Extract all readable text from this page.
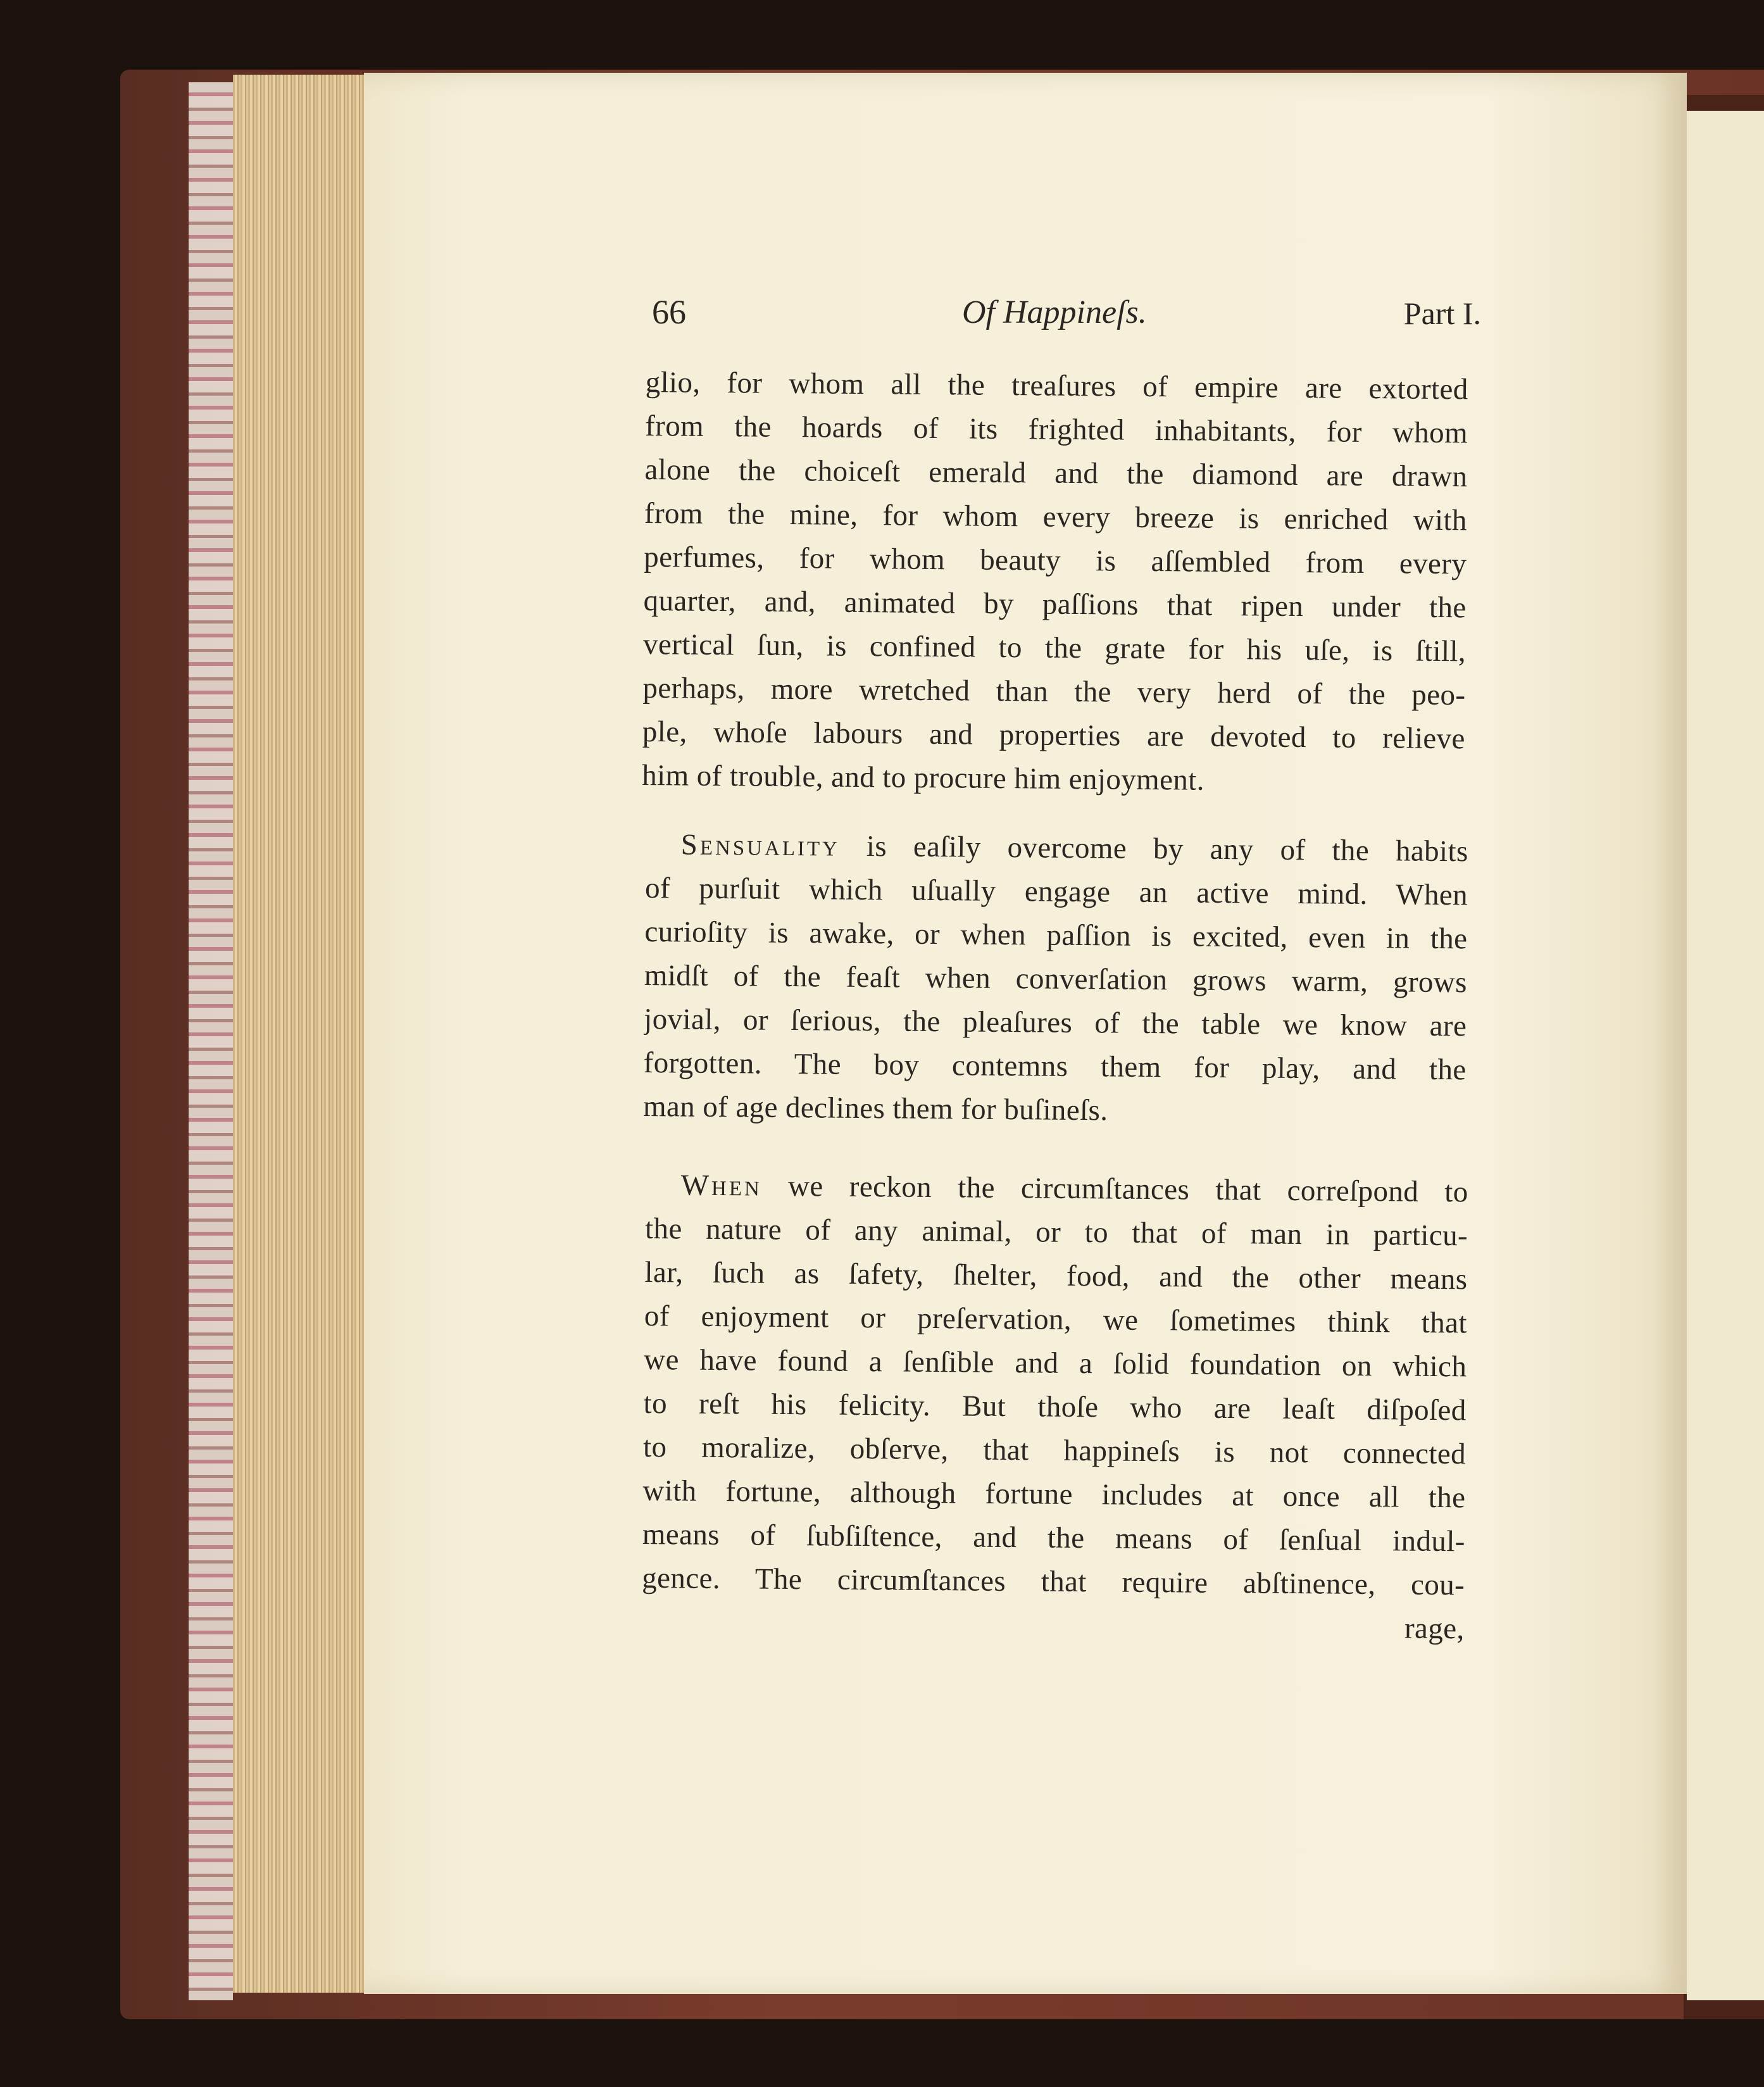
66	Of Happineſs.	Part I.
glio, for whom all the treaſures of empire are extorted
from the hoards of its frighted inhabitants, for whom
alone the choiceſt emerald and the diamond are drawn
from the mine, for whom every breeze is enriched with
perfumes, for whom beauty is aſſembled from every
quarter, and, animated by paſſions that ripen under the
vertical ſun, is confined to the grate for his uſe, is ſtill,
perhaps, more wretched than the very herd of the peo-
ple, whoſe labours and properties are devoted to relieve
him of trouble, and to procure him enjoyment.
Sensuality is eaſily overcome by any of the habits
of purſuit which uſually engage an active mind. When
curioſity is awake, or when paſſion is excited, even in the
midſt of the feaſt when converſation grows warm, grows
jovial, or ſerious, the pleaſures of the table we know are
forgotten. The boy contemns them for play, and the
man of age declines them for buſineſs.
When we reckon the circumſtances that correſpond to
the nature of any animal, or to that of man in particu-
lar, ſuch as ſafety, ſhelter, food, and the other means
of enjoyment or preſervation, we ſometimes think that
we have found a ſenſible and a ſolid foundation on which
to reſt his felicity. But thoſe who are leaſt diſpoſed
to moralize, obſerve, that happineſs is not connected
with fortune, although fortune includes at once all the
means of ſubſiſtence, and the means of ſenſual indul-
gence. The circumſtances that require abſtinence, cou-
rage,
